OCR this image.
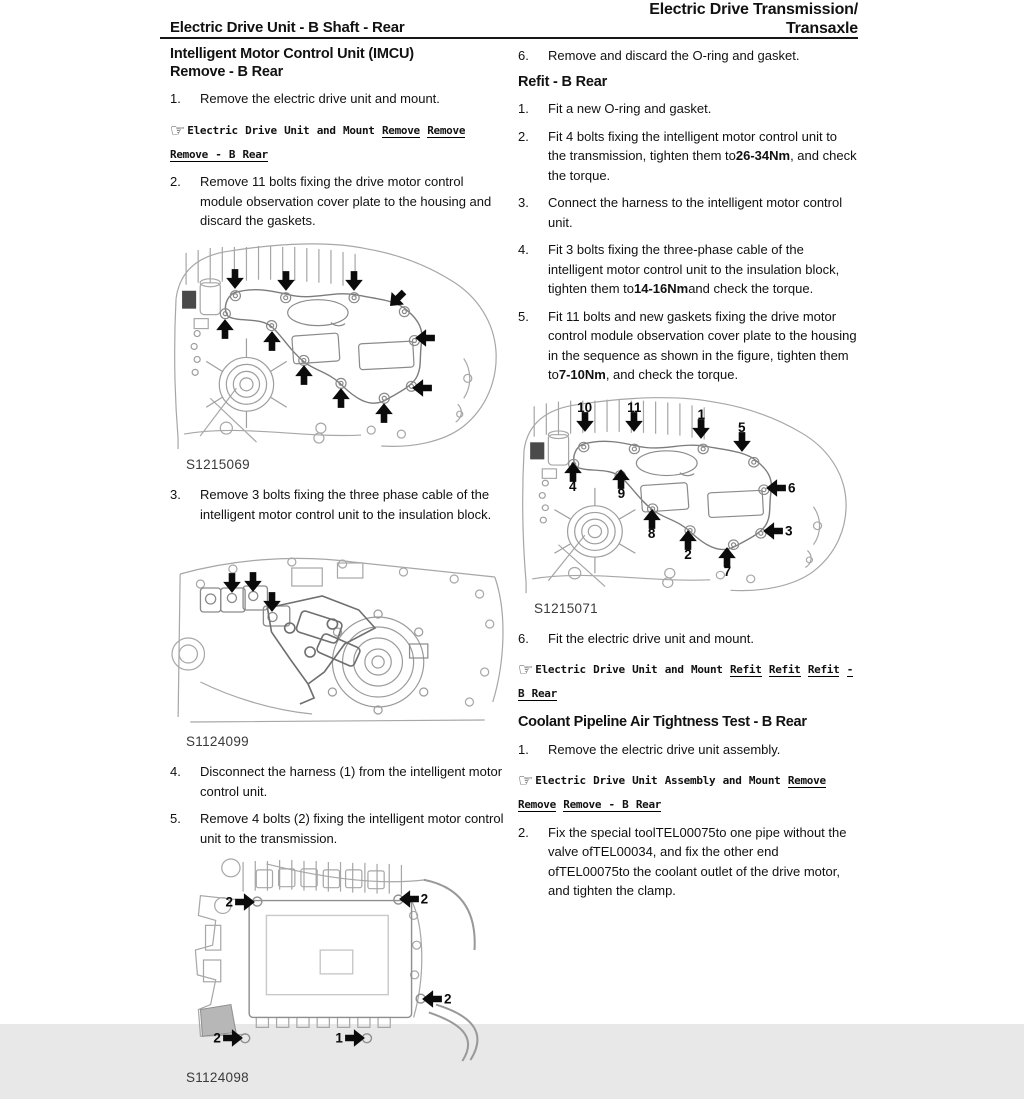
Electric Drive Unit - B Shaft - Rear
Electric Drive Transmission/
Transaxle
Intelligent Motor Control Unit (IMCU)
Remove - B Rear
1.	Remove the electric drive unit and mount.
☞ Electric Drive Unit and Mount Remove Remove Remove - B Rear
2.	Remove 11 bolts fixing the drive motor control module observation cover plate to the housing and discard the gaskets.
S1215069
3.	Remove 3 bolts fixing the three phase cable of the intelligent motor control unit to the insulation block.
S1124099
4.	Disconnect the harness (1) from the intelligent motor control unit.
5.	Remove 4 bolts (2) fixing the intelligent motor control unit to the transmission.
2	2
2
2	1
S1124098
6.	Remove and discard the O-ring and gasket.
Refit - B Rear
1.	Fit a new O-ring and gasket.
2.	Fit 4 bolts fixing the intelligent motor control unit to the transmission, tighten them to26-34Nm, and check the torque.
3.	Connect the harness to the intelligent motor control unit.
4.	Fit 3 bolts fixing the three-phase cable of the intelligent motor control unit to the insulation block, tighten them to14-16Nmand check the torque.
5.	Fit 11 bolts and new gaskets fixing the drive motor control module observation cover plate to the housing in the sequence as shown in the figure, tighten them to7-10Nm, and check the torque.
10	11	1
5
4	9	6
8
2
3
7
S1215071
6.	Fit the electric drive unit and mount.
☞ Electric Drive Unit and Mount Refit Refit Refit - B Rear
Coolant Pipeline Air Tightness Test - B Rear
1.	Remove the electric drive unit assembly.
☞ Electric Drive Unit Assembly and Mount Remove Remove Remove - B Rear
2.	Fix the special toolTEL00075to one pipe without the valve ofTEL00034, and fix the other end ofTEL00075to the coolant outlet of the drive motor, and tighten the clamp.
